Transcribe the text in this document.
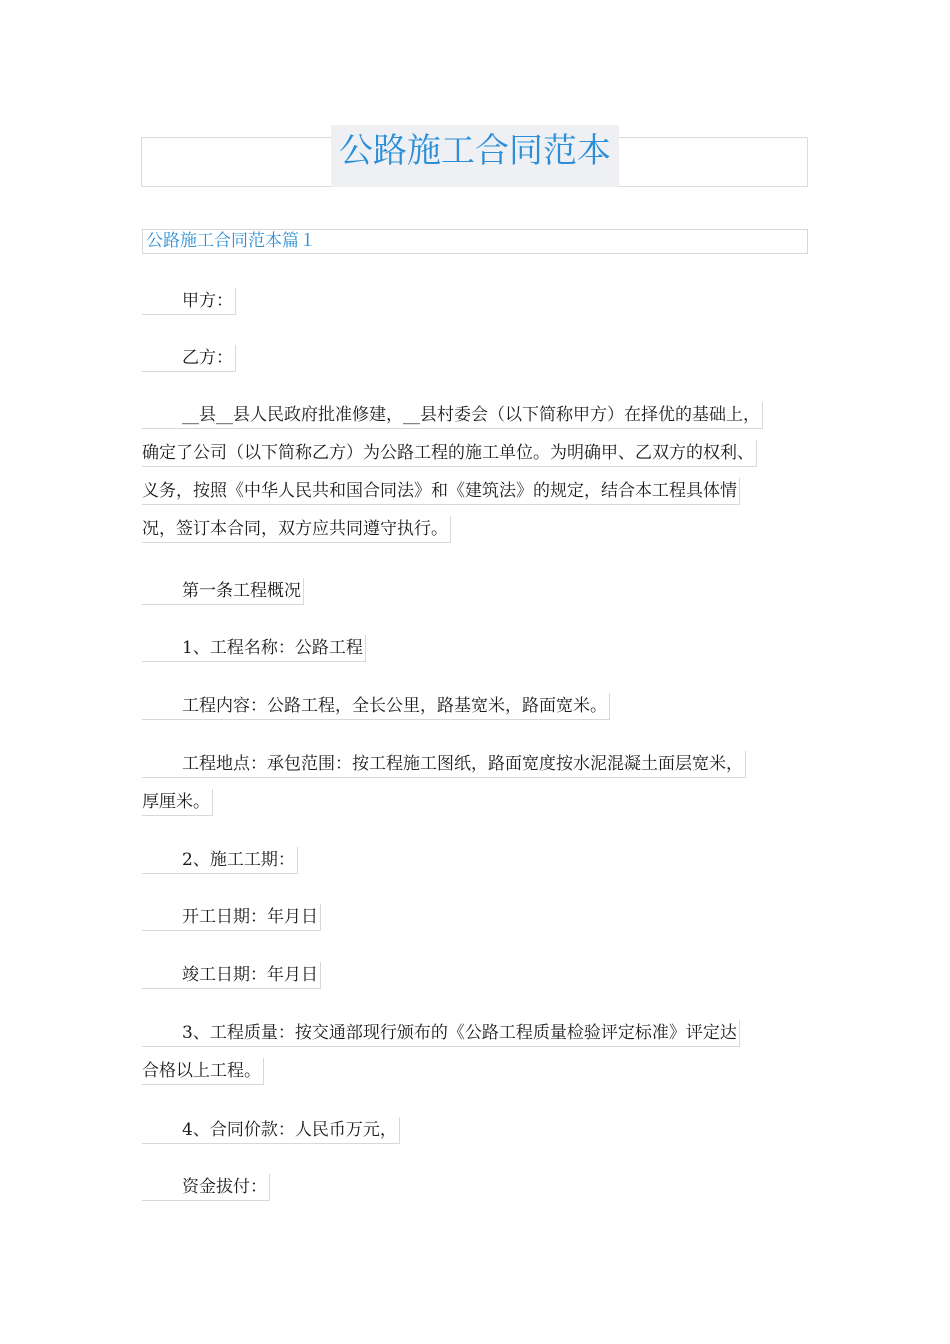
公路施工合同范本
公路施工合同范本篇１
甲方：
乙方：
__县__县人民政府批准修建，__县村委会（以下简称甲方）在择优的基础上，
确定了公司（以下简称乙方）为公路工程的施工单位。为明确甲、乙双方的权利、
义务，按照《中华人民共和国合同法》和《建筑法》的规定，结合本工程具体情
况，签订本合同，双方应共同遵守执行。
第一条工程概况
1、工程名称：公路工程
工程内容：公路工程，全长公里，路基宽米，路面宽米。
工程地点：承包范围：按工程施工图纸，路面宽度按水泥混凝土面层宽米，
厚厘米。
2、施工工期：
开工日期：年月日
竣工日期：年月日
3、工程质量：按交通部现行颁布的《公路工程质量检验评定标准》评定达
合格以上工程。
4、合同价款：人民币万元，
资金拔付：
